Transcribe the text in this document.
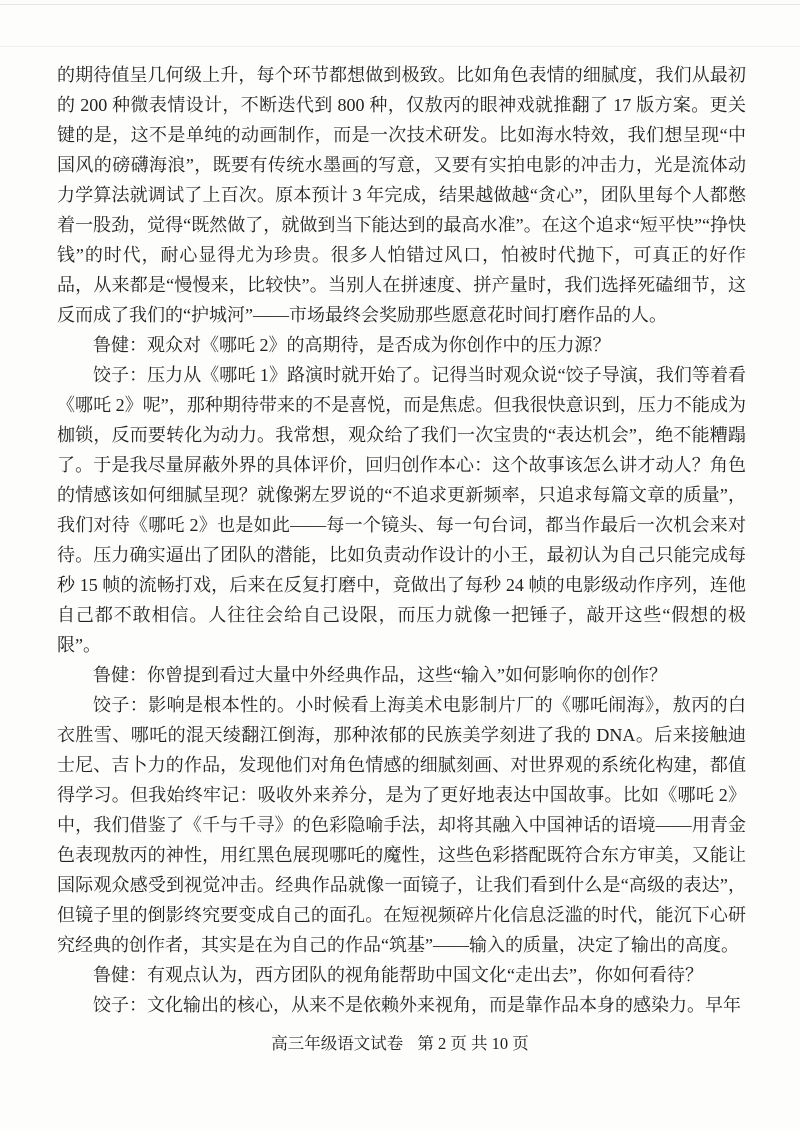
的期待值呈几何级上升，每个环节都想做到极致。比如角色表情的细腻度，我们从最初的 200 种微表情设计，不断迭代到 800 种，仅敖丙的眼神戏就推翻了 17 版方案。更关键的是，这不是单纯的动画制作，而是一次技术研发。比如海水特效，我们想呈现“中国风的磅礴海浪”，既要有传统水墨画的写意，又要有实拍电影的冲击力，光是流体动力学算法就调试了上百次。原本预计 3 年完成，结果越做越“贪心”，团队里每个人都憋着一股劲，觉得“既然做了，就做到当下能达到的最高水准”。在这个追求“短平快”“挣快钱”的时代，耐心显得尤为珍贵。很多人怕错过风口，怕被时代抛下，可真正的好作品，从来都是“慢慢来，比较快”。当别人在拼速度、拼产量时，我们选择死磕细节，这反而成了我们的“护城河”——市场最终会奖励那些愿意花时间打磨作品的人。

鲁健：观众对《哪吒 2》的高期待，是否成为你创作中的压力源？

饺子：压力从《哪吒 1》路演时就开始了。记得当时观众说“饺子导演，我们等着看《哪吒 2》呢”，那种期待带来的不是喜悦，而是焦虑。但我很快意识到，压力不能成为枷锁，反而要转化为动力。我常想，观众给了我们一次宝贵的“表达机会”，绝不能糟蹋了。于是我尽量屏蔽外界的具体评价，回归创作本心：这个故事该怎么讲才动人？角色的情感该如何细腻呈现？就像粥左罗说的“不追求更新频率，只追求每篇文章的质量”，我们对待《哪吒 2》也是如此——每一个镜头、每一句台词，都当作最后一次机会来对待。压力确实逼出了团队的潜能，比如负责动作设计的小王，最初认为自己只能完成每秒 15 帧的流畅打戏，后来在反复打磨中，竟做出了每秒 24 帧的电影级动作序列，连他自己都不敢相信。人往往会给自己设限，而压力就像一把锤子，敲开这些“假想的极限”。

鲁健：你曾提到看过大量中外经典作品，这些“输入”如何影响你的创作？

饺子：影响是根本性的。小时候看上海美术电影制片厂的《哪吒闹海》，敖丙的白衣胜雪、哪吒的混天绫翻江倒海，那种浓郁的民族美学刻进了我的 DNA。后来接触迪士尼、吉卜力的作品，发现他们对角色情感的细腻刻画、对世界观的系统化构建，都值得学习。但我始终牢记：吸收外来养分，是为了更好地表达中国故事。比如《哪吒 2》中，我们借鉴了《千与千寻》的色彩隐喻手法，却将其融入中国神话的语境——用青金色表现敖丙的神性，用红黑色展现哪吒的魔性，这些色彩搭配既符合东方审美，又能让国际观众感受到视觉冲击。经典作品就像一面镜子，让我们看到什么是“高级的表达”，但镜子里的倒影终究要变成自己的面孔。在短视频碎片化信息泛滥的时代，能沉下心研究经典的创作者，其实是在为自己的作品“筑基”——输入的质量，决定了输出的高度。

鲁健：有观点认为，西方团队的视角能帮助中国文化“走出去”，你如何看待？

饺子：文化输出的核心，从来不是依赖外来视角，而是靠作品本身的感染力。早年

高三年级语文试卷 第 2 页 共 10 页
